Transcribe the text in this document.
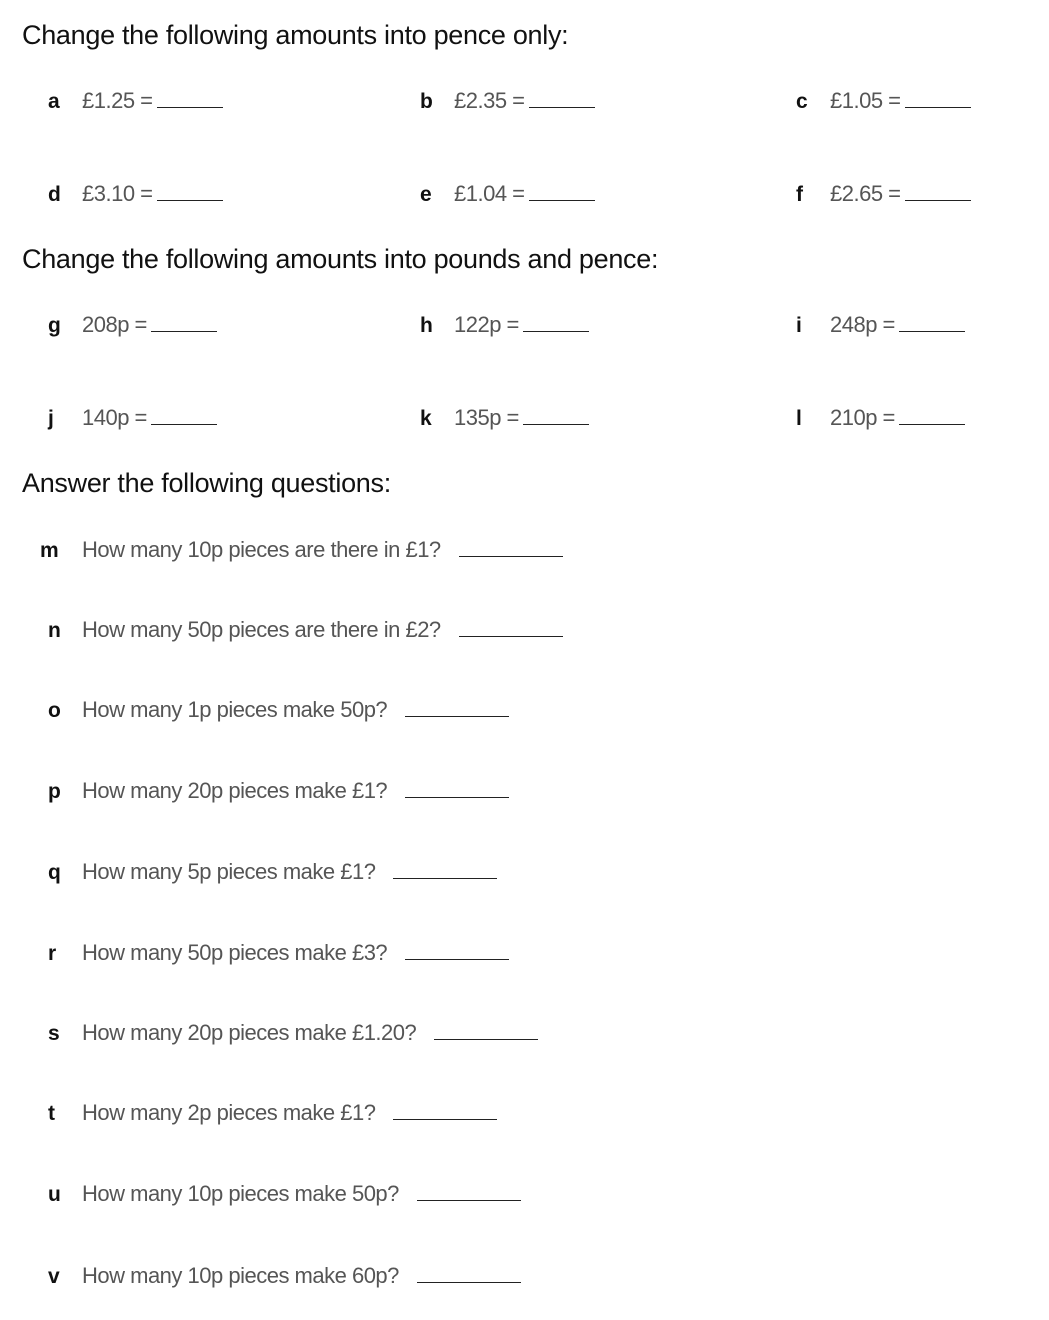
Change the following amounts into pence only:
a	£1.25 =	b £2.35 =	c	£1.05 =
d £3.10 =	e	£1.04 =	f	£2.65 =
Change the following amounts into pounds and pence:
g 208p =	h 122p =	i	248p =
j	140p =	k	135p =	l	210p =
Answer the following questions:
m	How many 10p pieces are there in £1?
n How many 50p pieces are there in £2?
o How many 1p pieces make 50p?
p How many 20p pieces make £1?
q How many 5p pieces make £1?
r	How many 50p pieces make £3?
s	How many 20p pieces make £1.20?
t	How many 2p pieces make £1?
u How many 10p pieces make 50p?
v	How many 10p pieces make 60p?
